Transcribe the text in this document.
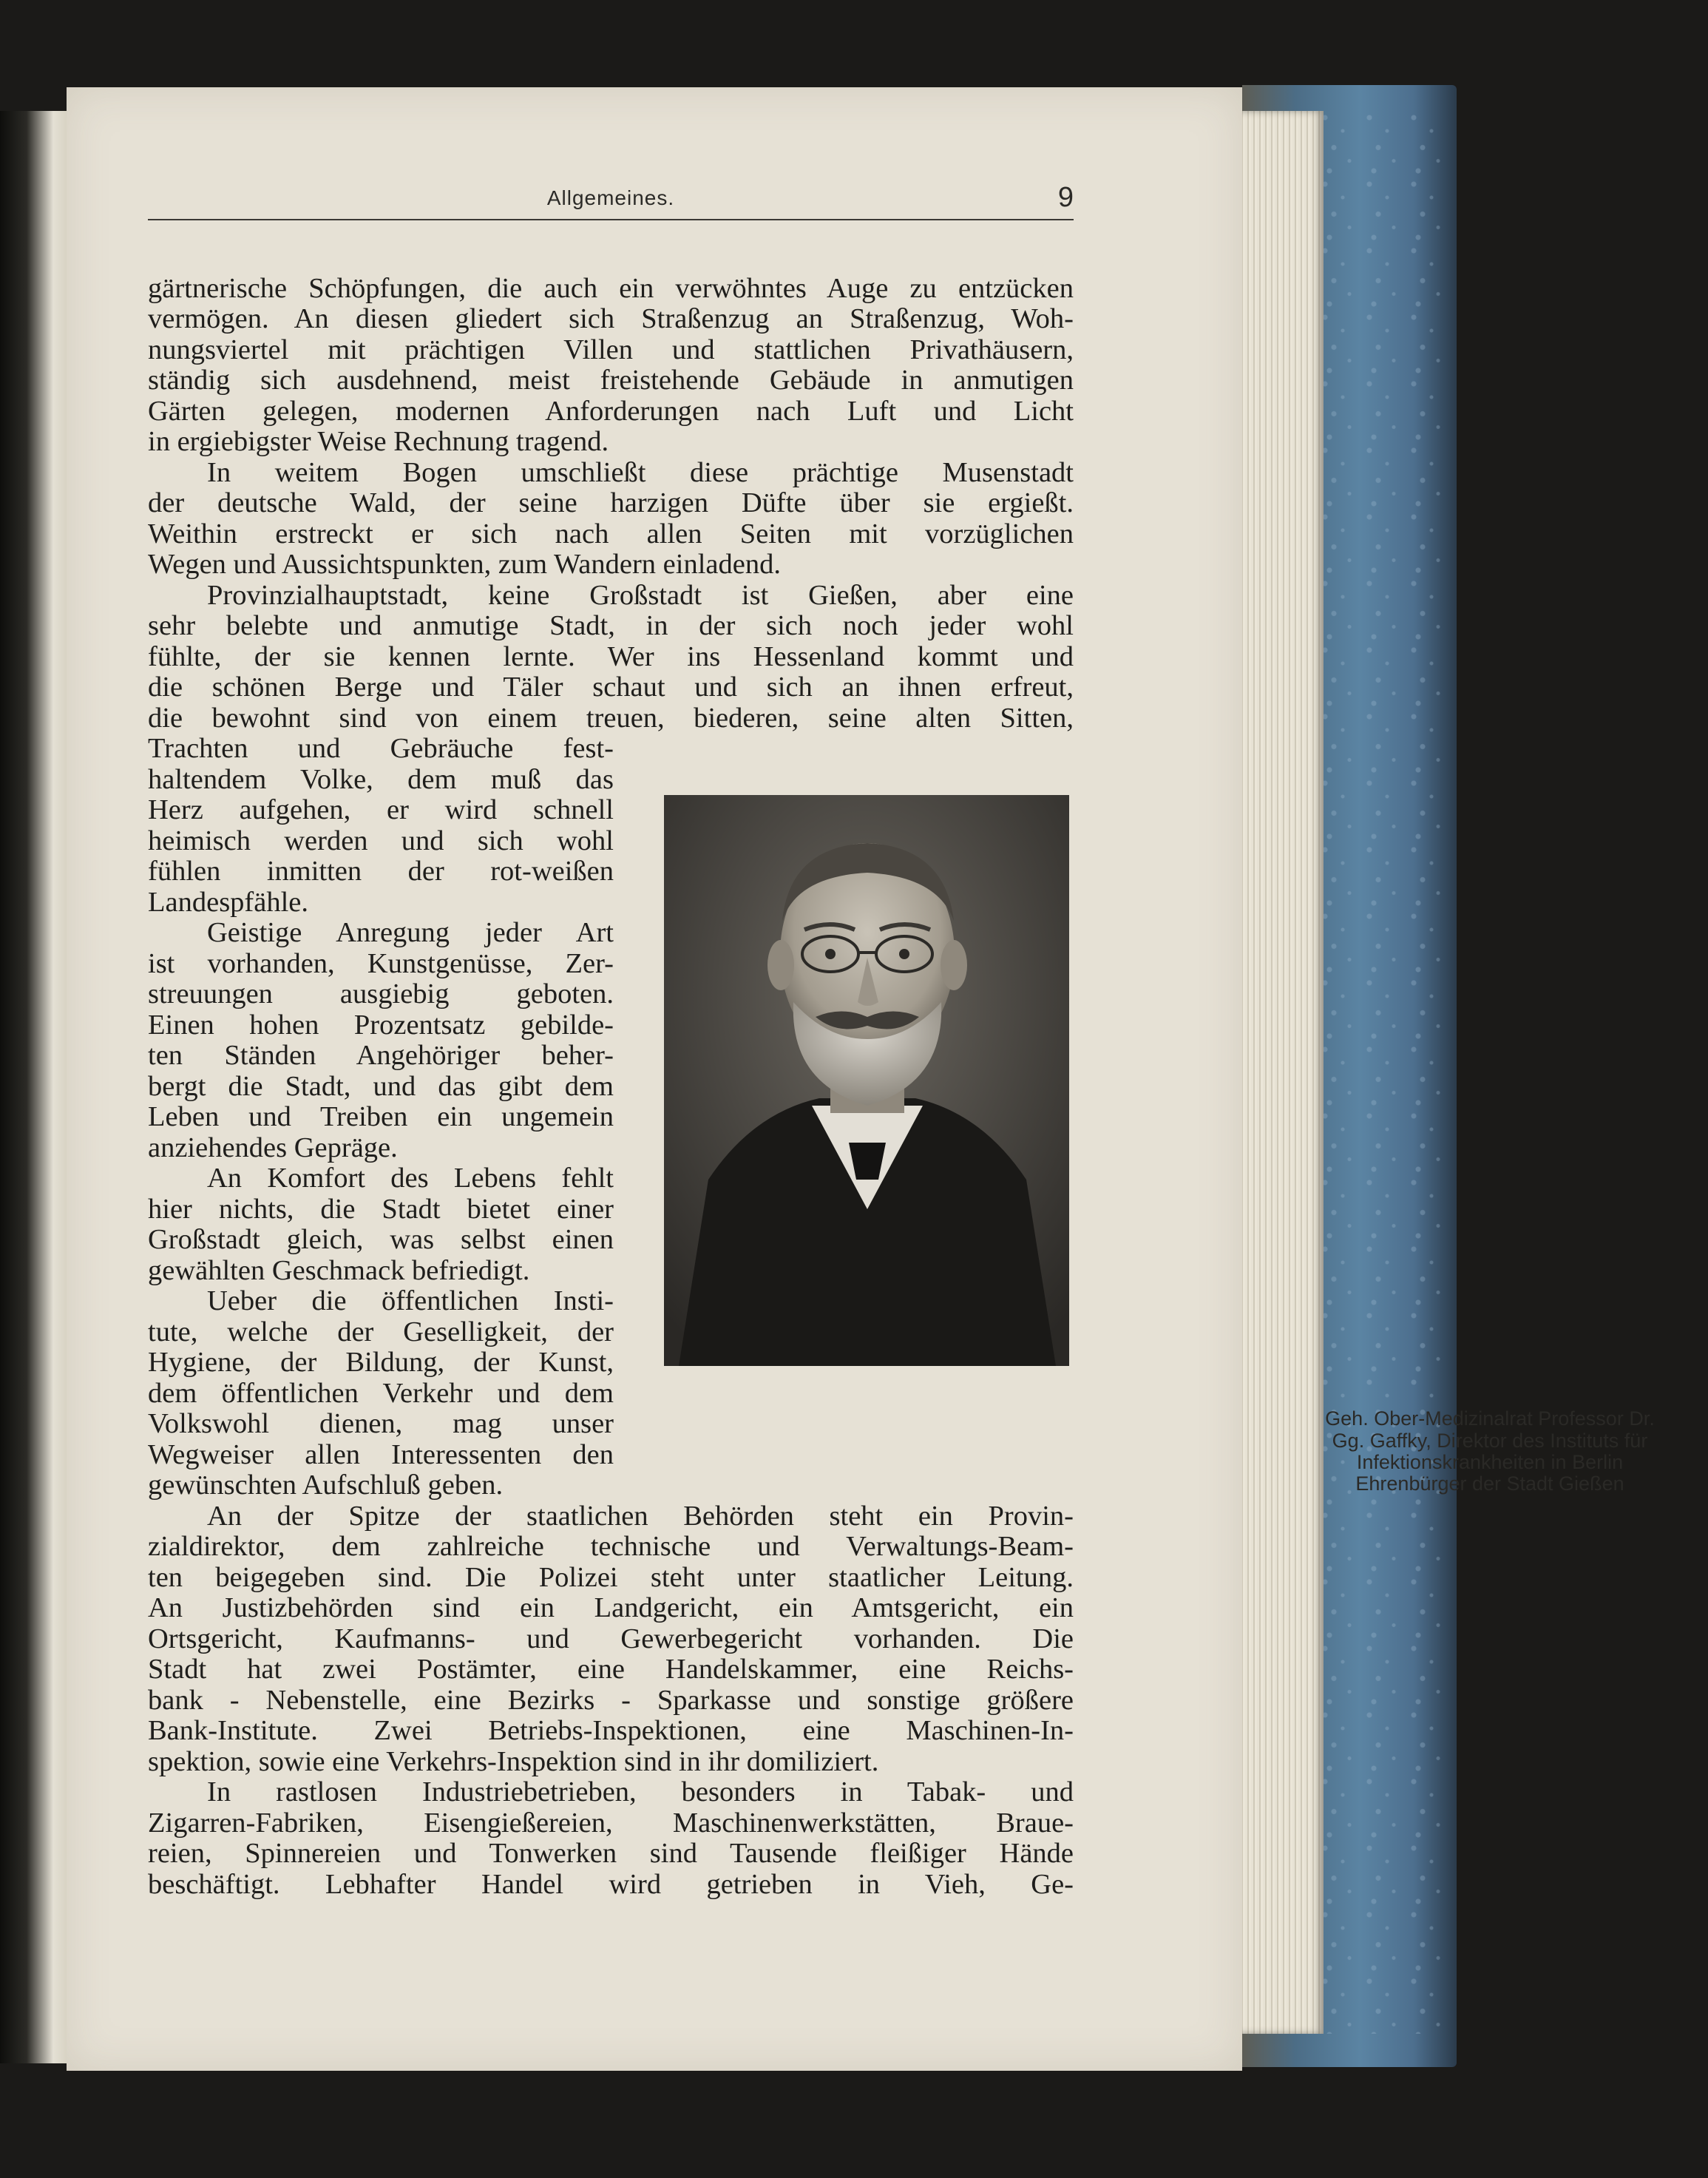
Allgemeines.	9
gärtnerische Schöpfungen, die auch ein verwöhntes Auge zu entzücken
vermögen. An diesen gliedert sich Straßenzug an Straßenzug, Woh-
nungsviertel mit prächtigen Villen und stattlichen Privathäusern,
ständig sich ausdehnend, meist freistehende Gebäude in anmutigen
Gärten gelegen, modernen Anforderungen nach Luft und Licht
in ergiebigster Weise Rechnung tragend.
In weitem Bogen umschließt diese prächtige Musenstadt
der deutsche Wald, der seine harzigen Düfte über sie ergießt.
Weithin erstreckt er sich nach allen Seiten mit vorzüglichen
Wegen und Aussichtspunkten, zum Wandern einladend.
Provinzialhauptstadt, keine Großstadt ist Gießen, aber eine
sehr belebte und anmutige Stadt, in der sich noch jeder wohl
fühlte, der sie kennen lernte. Wer ins Hessenland kommt und
die schönen Berge und Täler schaut und sich an ihnen erfreut,
die bewohnt sind von einem treuen, biederen, seine alten Sitten,
Trachten und Gebräuche fest-
haltendem Volke, dem muß das
Herz aufgehen, er wird schnell
heimisch werden und sich wohl
fühlen inmitten der rot-weißen
Landespfähle.
Geistige Anregung jeder Art
ist vorhanden, Kunstgenüsse, Zer-
streuungen ausgiebig geboten.
Einen hohen Prozentsatz gebilde-
ten Ständen Angehöriger beher-
bergt die Stadt, und das gibt dem
Leben und Treiben ein ungemein
anziehendes Gepräge.
An Komfort des Lebens fehlt
hier nichts, die Stadt bietet einer
Großstadt gleich, was selbst einen
gewählten Geschmack befriedigt.
Ueber die öffentlichen Insti-
tute, welche der Geselligkeit, der
Hygiene, der Bildung, der Kunst,
dem öffentlichen Verkehr und dem
Volkswohl dienen, mag unser
Wegweiser allen Interessenten den
gewünschten Aufschluß geben.
An der Spitze der staatlichen Behörden steht ein Provin-
zialdirektor, dem zahlreiche technische und Verwaltungs-Beam-
ten beigegeben sind. Die Polizei steht unter staatlicher Leitung.
An Justizbehörden sind ein Landgericht, ein Amtsgericht, ein
Ortsgericht, Kaufmanns- und Gewerbegericht vorhanden. Die
Stadt hat zwei Postämter, eine Handelskammer, eine Reichs-
bank - Nebenstelle, eine Bezirks - Sparkasse und sonstige größere
Bank-Institute. Zwei Betriebs-Inspektionen, eine Maschinen-In-
spektion, sowie eine Verkehrs-Inspektion sind in ihr domiliziert.
In rastlosen Industriebetrieben, besonders in Tabak- und
Zigarren-Fabriken, Eisengießereien, Maschinenwerkstätten, Braue-
reien, Spinnereien und Tonwerken sind Tausende fleißiger Hände
beschäftigt. Lebhafter Handel wird getrieben in Vieh, Ge-
Geh. Ober-Medizinalrat Professor Dr.
Gg. Gaffky, Direktor des Instituts für
Infektionskrankheiten in Berlin
Ehrenbürger der Stadt Gießen
